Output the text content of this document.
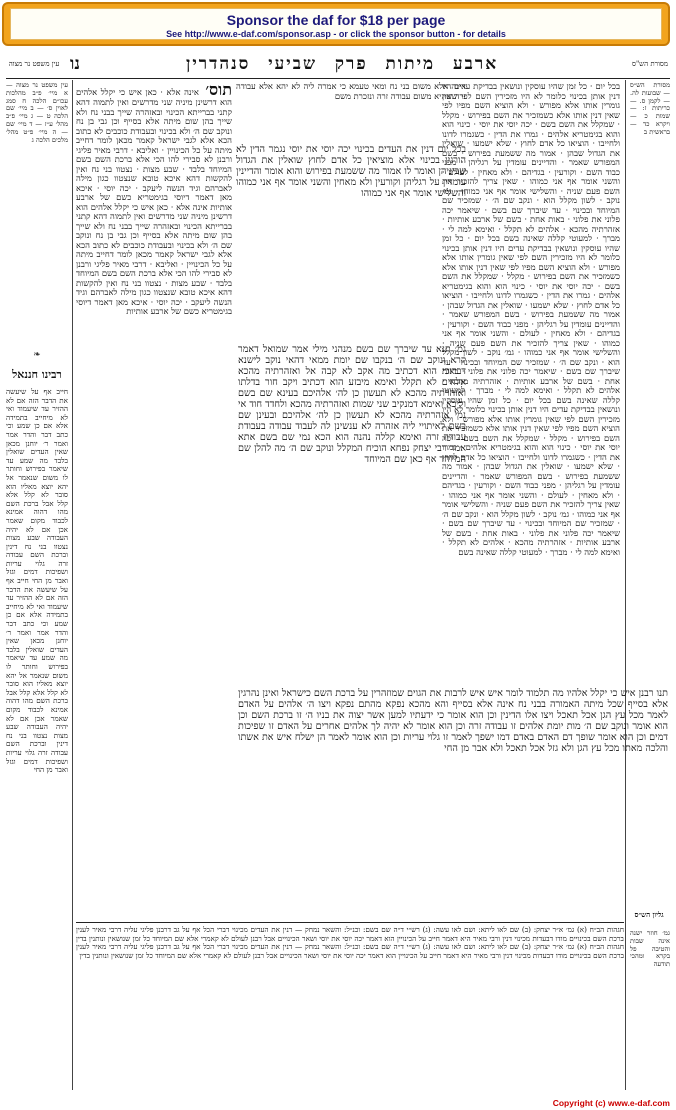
Sponsor the daf for $18 per page
See http://www.e-daf.com/sponsor.asp - or click the sponsor button - for details
מסורת הש"ס
ארבע מיתות פרק שביעי סנהדרין
נו
עין משפט נר מצוה
מסורת הש״ס — שבועות לה. — לקמן ס. — כריתות ז: — שמות כ — ויקרא כד — בראשית ב
גליון הש״ס
גמ׳ חוזר ישנה אינה שבות והטיבה פל בקרא ומהכי תודעה
בכל יום · כל זמן שהיו עוסקין ונושאין בבדיקת עדים היו דנין אותן בכינוי כלומר לא היו מזכירין השם לפי שאין גומרין אותו אלא מפורש · ולא הוציא השם מפיו לפי שאין דנין אותו אלא כשמזכיר את השם בפירוש · מקלל · שמקלל את השם בשם · יכה יוסי את יוסי · כינוי הוא והוא בגימטריא אלהים · גמרו את הדין · כשגמרו לדונו ולחייבו · הוציאו כל אדם לחוץ · שלא ישמעו · שואלין את הגדול שבהן · אמור מה ששמעת בפירוש · בשם המפורש שאמר · והדיינים עומדין על רגליהן · מפני כבוד השם · וקורעין · בגדיהם · ולא מאחין · לעולם · והשני אומר אף אני כמוהו · שאין צריך להזכיר את השם פעם שניה · והשלישי אומר אף אני כמוהו · גמ׳ נוקב · לשון מקלל הוא · ונקב שם ה׳ · שמזכיר שם המיוחד ובכינוי · עד שיברך שם בשם · שיאמר יכה פלוני את פלוני · באות אחת · בשם של ארבע אותיות · אזהרתיה מהכא · אלהים לא תקלל · ואימא למה לי · מברך · למעוטי קללה שאינה בשם בכל יום · כל זמן שהיו עוסקין ונושאין בבדיקת עדים היו דנין אותן בכינוי כלומר לא היו מזכירין השם לפי שאין גומרין אותו אלא מפורש · ולא הוציא השם מפיו לפי שאין דנין אותו אלא כשמזכיר את השם בפירוש · מקלל · שמקלל את השם בשם · יכה יוסי את יוסי · כינוי הוא והוא בגימטריא אלהים · גמרו את הדין · כשגמרו לדונו ולחייבו · הוציאו כל אדם לחוץ · שלא ישמעו · שואלין את הגדול שבהן · אמור מה ששמעת בפירוש · בשם המפורש שאמר · והדיינים עומדין על רגליהן · מפני כבוד השם · וקורעין · בגדיהם · ולא מאחין · לעולם · והשני אומר אף אני כמוהו · שאין צריך להזכיר את השם פעם שניה · והשלישי אומר אף אני כמוהו · גמ׳ נוקב · לשון מקלל הוא · ונקב שם ה׳ · שמזכיר שם המיוחד ובכינוי · עד שיברך שם בשם · שיאמר יכה פלוני את פלוני · באות אחת · בשם של ארבע אותיות · אזהרתיה מהכא · אלהים לא תקלל · ואימא למה לי · מברך · למעוטי קללה שאינה בשם בכל יום · כל זמן שהיו עוסקין ונושאין בבדיקת עדים היו דנין אותן בכינוי כלומר לא היו מזכירין השם לפי שאין גומרין אותו אלא מפורש · ולא הוציא השם מפיו לפי שאין דנין אותו אלא כשמזכיר את השם בפירוש · מקלל · שמקלל את השם בשם · יכה יוסי את יוסי · כינוי הוא והוא בגימטריא אלהים · גמרו את הדין · כשגמרו לדונו ולחייבו · הוציאו כל אדם לחוץ · שלא ישמעו · שואלין את הגדול שבהן · אמור מה ששמעת בפירוש · בשם המפורש שאמר · והדיינים עומדין על רגליהן · מפני כבוד השם · וקורעין · בגדיהם · ולא מאחין · לעולם · והשני אומר אף אני כמוהו · שאין צריך להזכיר את השם פעם שניה · והשלישי אומר אף אני כמוהו · גמ׳ נוקב · לשון מקלל הוא · ונקב שם ה׳ · שמזכיר שם המיוחד ובכינוי · עד שיברך שם בשם · שיאמר יכה פלוני את פלוני · באות אחת · בשם של ארבע אותיות · אזהרתיה מהכא · אלהים לא תקלל · ואימא למה לי · מברך · למעוטי קללה שאינה בשם
אינה אלא משום בני נח ומאי טעמא כי אמרה ליה לא יהא אלא עבודה זרה שהיא משום עבודה זרה ונזכרת משם
בכל יום דנין את העדים בכינוי יכה יוסי את יוסי נגמר הדין לא הורגין בכינוי אלא מוציאין כל אדם לחוץ שואלין את הגדול שביניהן ואומר לו אמור מה ששמעת בפירוש והוא אומר והדיינין עומדין על רגליהן וקורעין ולא מאחין והשני אומר אף אני כמוהו והשלישי אומר אף אני כמוהו
גמ׳ תנא עד שיברך שם בשם מנהני מילי אמר שמואל דאמר קרא ונוקב שם ה׳ בנקבו שם יומת ממאי דהאי נוקב לישנא דברוכי הוא דכתיב מה אקב לא קבה אל ואזהרתיה מהכא אלהים לא תקלל ואימא מיבזע הוא דכתיב ויקב חור בדלתו ואזהרתיה מהכא לא תעשון כן לה׳ אלהיכם בעינא שם בשם וליכא ואימא דמנקיב שני שמות ואזהרתיה מהכא ולחדד חוד אי נמי אזהרתיה מהכא לא תעשון כן לה׳ אלהיכם ובעינן שם בשם לאיתויי ליה אזהרה לא ענשינן לה לעבוד עבודה בעבודת עבודה זרה ואימא קללה נהנה הוא הכא נמי שם בשם אתא אמר רבי יצחק נפחא הוכיח המקלל ונוקב שם ה׳ מה להלן שם המיוחד אף כאן שם המיוחד
תנו רבנן איש כי יקלל אלהיו מה תלמוד לומר איש איש לרבות את הגוים שמוזהרין על ברכת השם כישראל ואינן נהרגין אלא בסייף שכל מיתה האמורה בבני נח אינה אלא בסייף והא מהכא נפקא מהתם נפקא ויצו ה׳ אלהים על האדם לאמר מכל עץ הגן אכל תאכל ויצו אלו הדינין וכן הוא אומר כי ידעתיו למען אשר יצוה את בניו ה׳ זו ברכת השם וכן הוא אומר ונוקב שם ה׳ מות יומת אלהים זו עבודה זרה וכן הוא אומר לא יהיה לך אלהים אחרים על האדם זו שפיכות דמים וכן הוא אומר שופך דם האדם באדם דמו ישפך לאמר זו גלוי עריות וכן הוא אומר לאמר הן ישלח איש את אשתו והלכה מאתו מכל עץ הגן ולא גזל אכל תאכל ולא אבר מן החי
תוס׳ אינה אלא · כאן איש כי יקלל אלהים הוא דרשינן מיניה שני מדרשים ואין לתמוה דהא קתני בברייתא הכינוי ובאזהרה שייך בבני נח ולא שייך בהן שום מיתה אלא בסייף וכן גבי בן נח ונוקב שם ה׳ ולא בכינוי ובעבודת כוכבים לא כתוב הכא אלא לגבי ישראל קאמר מכאן לומר דחייב מיתה על כל הכינויין · ואליבא · דרבי מאיר פליגי ורבנן לא סבירי להו הכי אלא ברכת השם בשם המיוחד בלבד · שבע מצות · נצטוו בני נח ואין להקשות דהא איכא טובא שנצטוו כגון מילה לאברהם וגיד הנשה ליעקב · יכה יוסי · איכא מאן דאמר דיוסי בגימטריא כשם של ארבע אותיות אינה אלא · כאן איש כי יקלל אלהים הוא דרשינן מיניה שני מדרשים ואין לתמוה דהא קתני בברייתא הכינוי ובאזהרה שייך בבני נח ולא שייך בהן שום מיתה אלא בסייף וכן גבי בן נח ונוקב שם ה׳ ולא בכינוי ובעבודת כוכבים לא כתוב הכא אלא לגבי ישראל קאמר מכאן לומר דחייב מיתה על כל הכינויין · ואליבא · דרבי מאיר פליגי ורבנן לא סבירי להו הכי אלא ברכת השם בשם המיוחד בלבד · שבע מצות · נצטוו בני נח ואין להקשות דהא איכא טובא שנצטוו כגון מילה לאברהם וגיד הנשה ליעקב · יכה יוסי · איכא מאן דאמר דיוסי בגימטריא כשם של ארבע אותיות
עין משפט נר מצוה — א מיי׳ פ״ב מהלכות עכו״ם הלכה ח סמג לאוין ס׳ — ב מיי׳ שם הלכה ט — ג מיי׳ פ״ב מהל׳ ע״ז — ד מיי׳ שם — ה מיי׳ פ״ט מהל׳ מלכים הלכה ג
❧
רבינו חננאל
חייב אף על שיעשה את הדבר הזה אם לא ההזיר עד שיעמוד ואי לא מיחייב בתמידה אלא אם כן שמע וכי כתב דבר והדר אמר ואמר ר׳ יוחנן מכאן שאין העדים שואלין בלבד מה שמע עד שיאמר בפירוש וחותר לו משום שנאמר אל יהא יוצא מאליו הוא סובר לא קלל אלא קלל אבל ברכת השם מהו דהוה אמינא לכבוד מקום שאמר אכן אם לא יהיה העבודה שבע מצות נצטוו בני נח דינין וברכת השם עבודה זרה גלוי עריות ושפיכות דמים וגזל ואבר מן החי חייב אף על שיעשה את הדבר הזה אם לא ההזיר עד שיעמוד ואי לא מיחייב בתמידה אלא אם כן שמע וכי כתב דבר והדר אמר ואמר ר׳ יוחנן מכאן שאין העדים שואלין בלבד מה שמע עד שיאמר בפירוש וחותר לו משום שנאמר אל יהא יוצא מאליו הוא סובר לא קלל אלא קלל אבל ברכת השם מהו דהוה אמינא לכבוד מקום שאמר אכן אם לא יהיה העבודה שבע מצות נצטוו בני נח דינין וברכת השם עבודה זרה גלוי עריות ושפיכות דמים וגזל ואבר מן החי
חגהות הב״ח (א) גמ׳ א״ר יצחק: (ב) שם לאו ליתא: ושם לאו עשה: (ג) רש״י ד״ה שם בשם: וכנ״ל: והשאר נמחק — דנין את העדים מכינוי דברי הכל אף על גב דרבנן פליגי עליה דרבי מאיר לענין ברכת השם בכינויים מודו דבעדות מכינוי דנין ורבי מאיר היא דאמר חייב על הכינויין הוא דאמר יכה יוסי את יוסי ושאר הכינויים אבל רבנן לעולם לא קאמרי אלא שם המיוחד כל זמן שנושאין ונותנין בדין חגהות הב״ח (א) גמ׳ א״ר יצחק: (ב) שם לאו ליתא: ושם לאו עשה: (ג) רש״י ד״ה שם בשם: וכנ״ל: והשאר נמחק — דנין את העדים מכינוי דברי הכל אף על גב דרבנן פליגי עליה דרבי מאיר לענין ברכת השם בכינויים מודו דבעדות מכינוי דנין ורבי מאיר היא דאמר חייב על הכינויין הוא דאמר יכה יוסי את יוסי ושאר הכינויים אבל רבנן לעולם לא קאמרי אלא שם המיוחד כל זמן שנושאין ונותנין בדין
Copyright (c) www.e-daf.com
